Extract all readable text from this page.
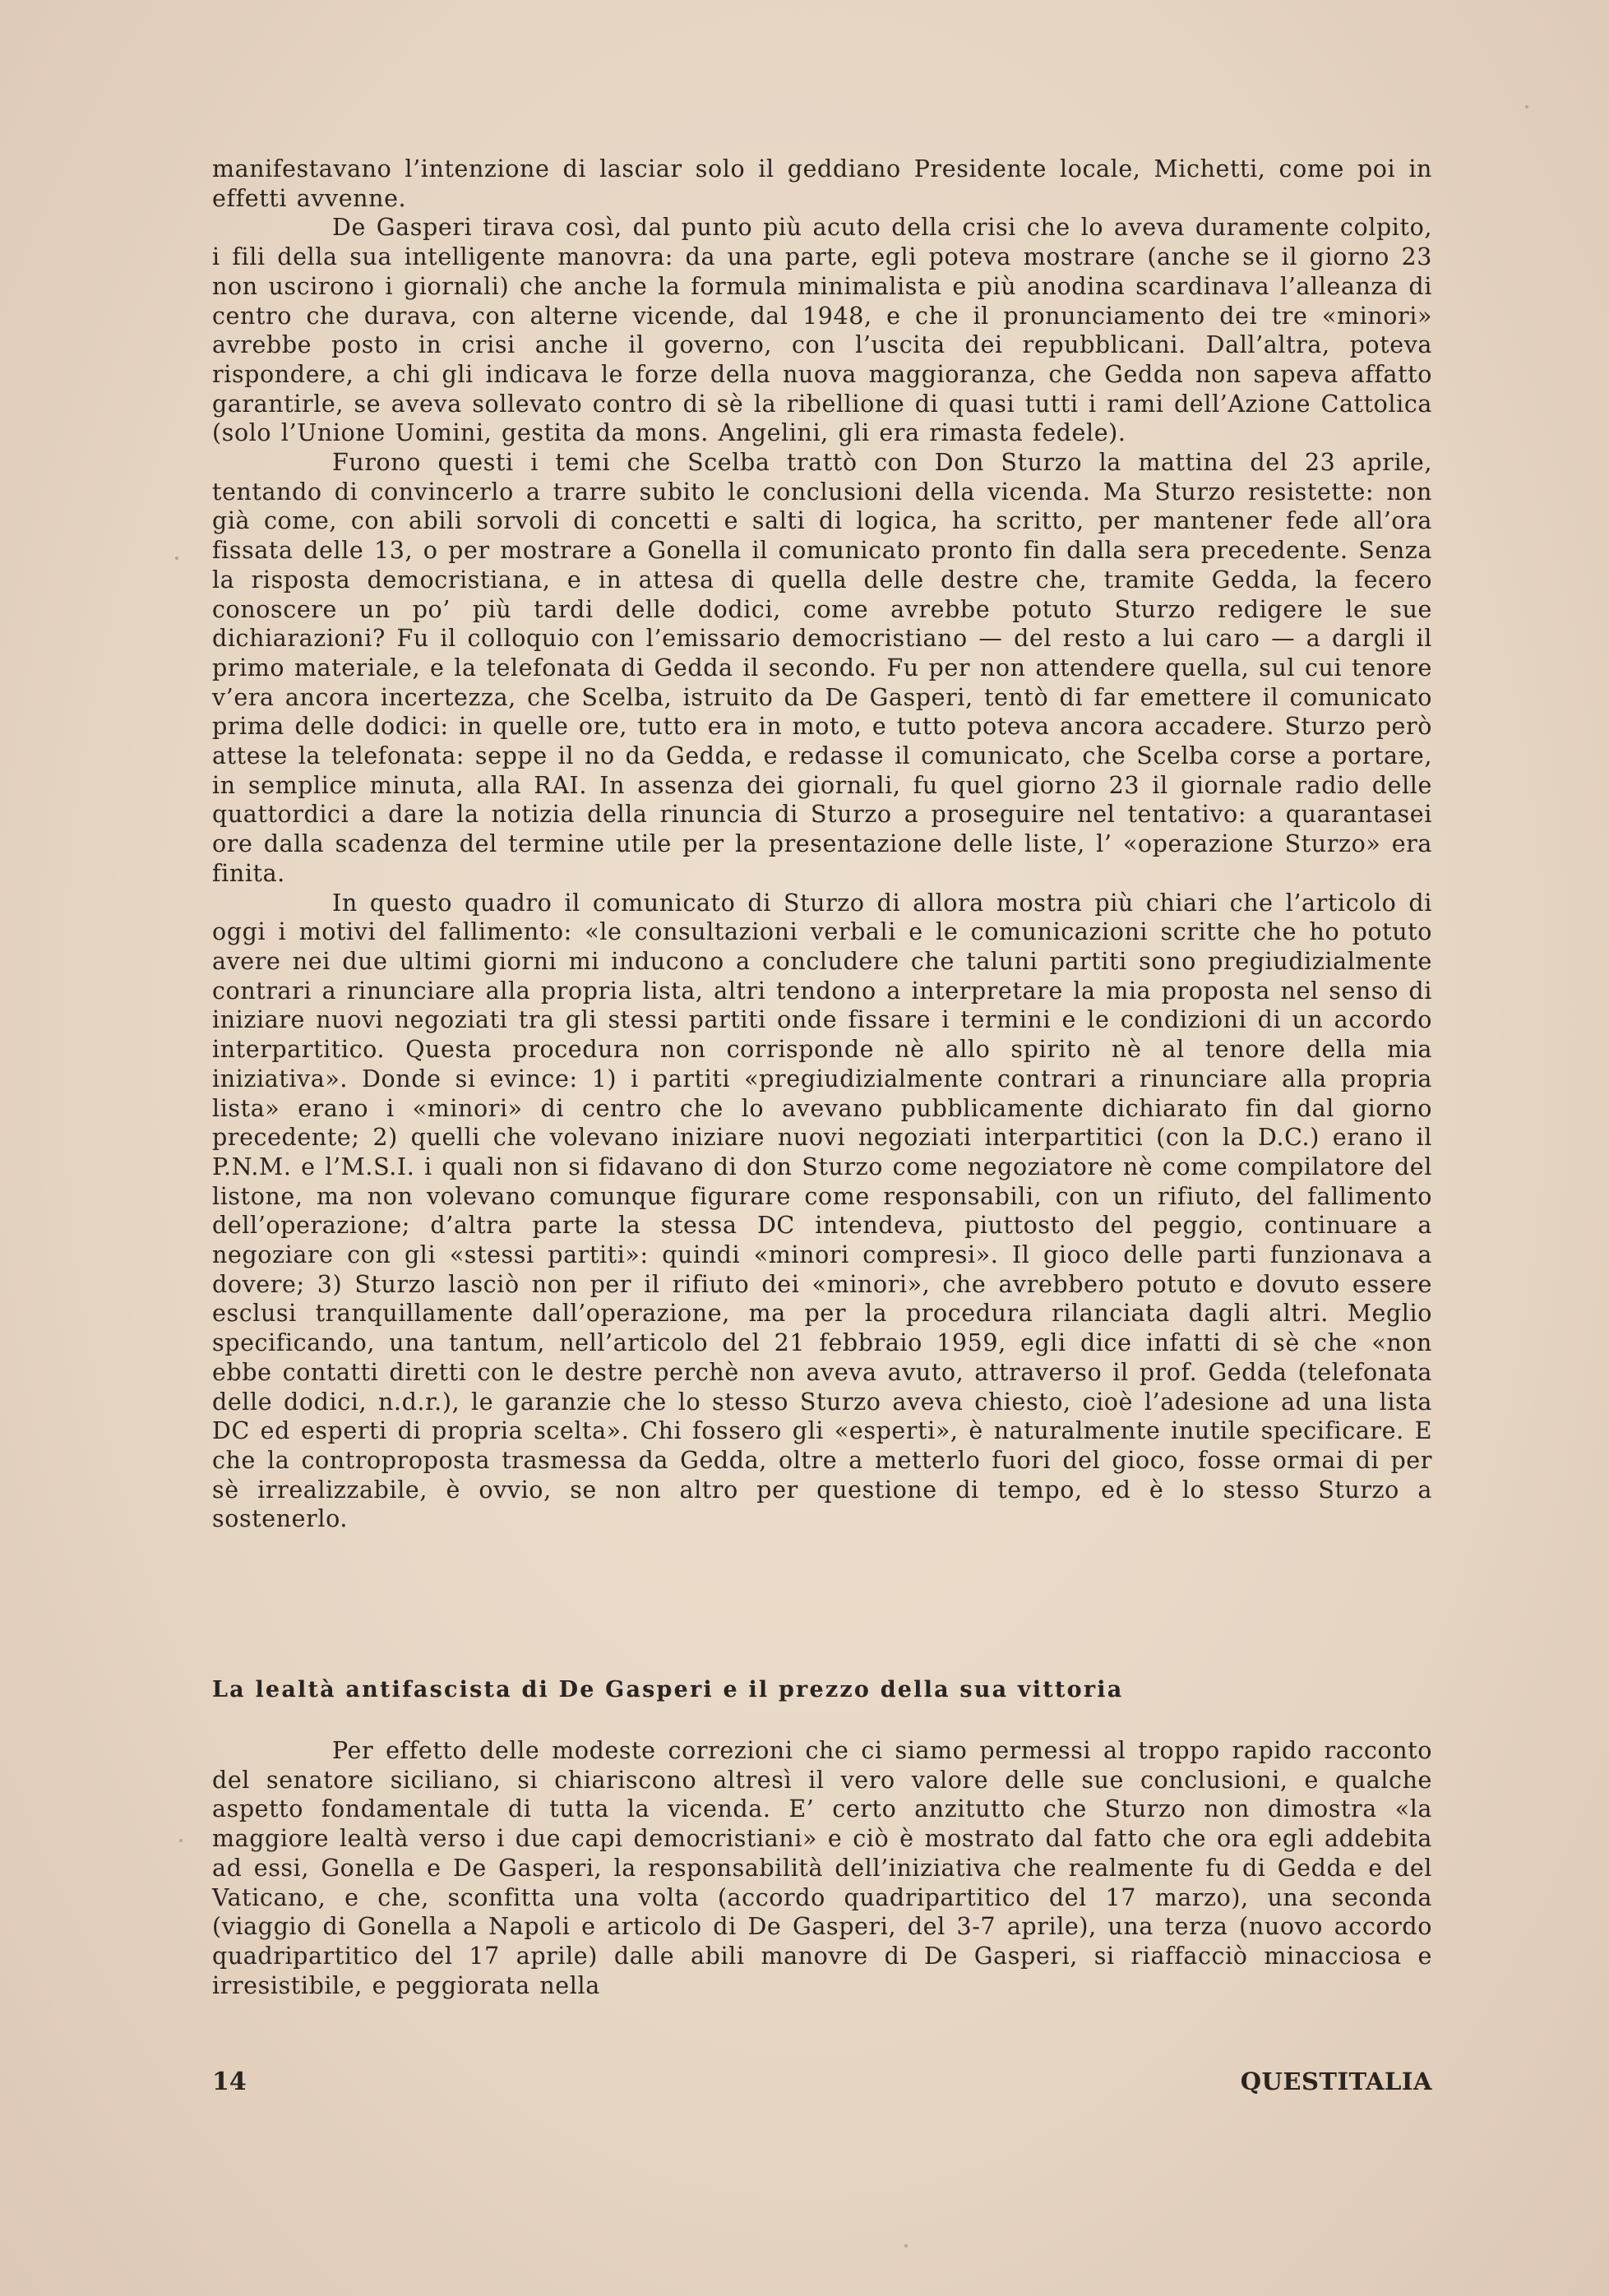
manifestavano l’intenzione di lasciar solo il geddiano Presidente locale, Michetti, come poi in effetti avvenne.

De Gasperi tirava così, dal punto più acuto della crisi che lo aveva duramente colpito, i fili della sua intelligente manovra: da una parte, egli poteva mostrare (anche se il giorno 23 non uscirono i giornali) che anche la formula minimalista e più anodina scardinava l’alleanza di centro che durava, con alterne vicende, dal 1948, e che il pronunciamento dei tre «minori» avrebbe posto in crisi anche il governo, con l’uscita dei repubblicani. Dall’altra, poteva rispondere, a chi gli indicava le forze della nuova maggioranza, che Gedda non sapeva affatto garantirle, se aveva sollevato contro di sè la ribellione di quasi tutti i rami dell’Azione Cattolica (solo l’Unione Uomini, gestita da mons. Angelini, gli era rimasta fedele).

Furono questi i temi che Scelba trattò con Don Sturzo la mattina del 23 aprile, tentando di convincerlo a trarre subito le conclusioni della vicenda. Ma Sturzo resistette: non già come, con abili sorvoli di concetti e salti di logica, ha scritto, per mantener fede all’ora fissata delle 13, o per mostrare a Gonella il comunicato pronto fin dalla sera precedente. Senza la risposta democristiana, e in attesa di quella delle destre che, tramite Gedda, la fecero conoscere un po’ più tardi delle dodici, come avrebbe potuto Sturzo redigere le sue dichiarazioni? Fu il colloquio con l’emissario democristiano — del resto a lui caro — a dargli il primo materiale, e la telefonata di Gedda il secondo. Fu per non attendere quella, sul cui tenore v’era ancora incertezza, che Scelba, istruito da De Gasperi, tentò di far emettere il comunicato prima delle dodici: in quelle ore, tutto era in moto, e tutto poteva ancora accadere. Sturzo però attese la telefonata: seppe il no da Gedda, e redasse il comunicato, che Scelba corse a portare, in semplice minuta, alla RAI. In assenza dei giornali, fu quel giorno 23 il giornale radio delle quattordici a dare la notizia della rinuncia di Sturzo a proseguire nel tentativo: a quarantasei ore dalla scadenza del termine utile per la presentazione delle liste, l’ «operazione Sturzo» era finita.

In questo quadro il comunicato di Sturzo di allora mostra più chiari che l’articolo di oggi i motivi del fallimento: «le consultazioni verbali e le comunicazioni scritte che ho potuto avere nei due ultimi giorni mi inducono a concludere che taluni partiti sono pregiudizialmente contrari a rinunciare alla propria lista, altri tendono a interpretare la mia proposta nel senso di iniziare nuovi negoziati tra gli stessi partiti onde fissare i termini e le condizioni di un accordo interpartitico. Questa procedura non corrisponde nè allo spirito nè al tenore della mia iniziativa». Donde si evince: 1) i partiti «pregiudizialmente contrari a rinunciare alla propria lista» erano i «minori» di centro che lo avevano pubblicamente dichiarato fin dal giorno precedente; 2) quelli che volevano iniziare nuovi negoziati interpartitici (con la D.C.) erano il P.N.M. e l’M.S.I. i quali non si fidavano di don Sturzo come negoziatore nè come compilatore del listone, ma non volevano comunque figurare come responsabili, con un rifiuto, del fallimento dell’operazione; d’altra parte la stessa DC intendeva, piuttosto del peggio, continuare a negoziare con gli «stessi partiti»: quindi «minori compresi». Il gioco delle parti funzionava a dovere; 3) Sturzo lasciò non per il rifiuto dei «minori», che avrebbero potuto e dovuto essere esclusi tranquillamente dall’operazione, ma per la procedura rilanciata dagli altri. Meglio specificando, una tantum, nell’articolo del 21 febbraio 1959, egli dice infatti di sè che «non ebbe contatti diretti con le destre perchè non aveva avuto, attraverso il prof. Gedda (telefonata delle dodici, n.d.r.), le garanzie che lo stesso Sturzo aveva chiesto, cioè l’adesione ad una lista DC ed esperti di propria scelta». Chi fossero gli «esperti», è naturalmente inutile specificare. E che la controproposta trasmessa da Gedda, oltre a metterlo fuori del gioco, fosse ormai di per sè irrealizzabile, è ovvio, se non altro per questione di tempo, ed è lo stesso Sturzo a sostenerlo.

La lealtà antifascista di De Gasperi e il prezzo della sua vittoria

Per effetto delle modeste correzioni che ci siamo permessi al troppo rapido racconto del senatore siciliano, si chiariscono altresì il vero valore delle sue conclusioni, e qualche aspetto fondamentale di tutta la vicenda. E’ certo anzitutto che Sturzo non dimostra «la maggiore lealtà verso i due capi democristiani» e ciò è mostrato dal fatto che ora egli addebita ad essi, Gonella e De Gasperi, la responsabilità dell’iniziativa che realmente fu di Gedda e del Vaticano, e che, sconfitta una volta (accordo quadripartitico del 17 marzo), una seconda (viaggio di Gonella a Napoli e articolo di De Gasperi, del 3-7 aprile), una terza (nuovo accordo quadripartitico del 17 aprile) dalle abili manovre di De Gasperi, si riaffacciò minacciosa e irresistibile, e peggiorata nella

14	QUESTITALIA
